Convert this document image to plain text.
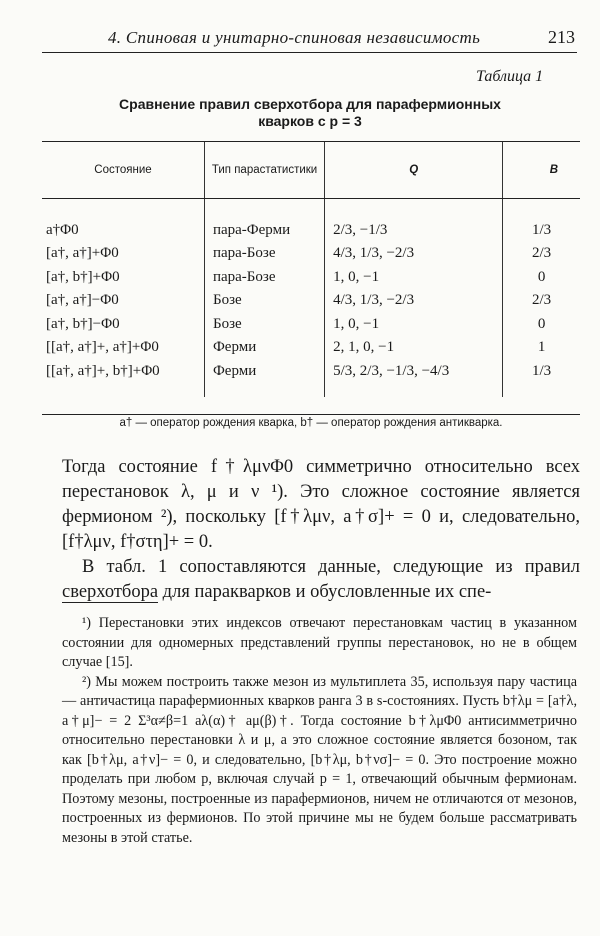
4. Спиновая и унитарно-спиновая независимость	213
Таблица 1
Сравнение правил сверхотбора для парафермионных
кварков с p = 3
Состояние	Тип парастатистики	Q	B
a†Φ0	пара-Ферми	2/3, −1/3	1/3
[a†, a†]+Φ0	пара-Бозе	4/3, 1/3, −2/3	2/3
[a†, b†]+Φ0	пара-Бозе	1, 0, −1	0
[a†, a†]−Φ0	Бозе	4/3, 1/3, −2/3	2/3
[a†, b†]−Φ0	Бозе	1, 0, −1	0
[[a†, a†]+, a†]+Φ0	Ферми	2, 1, 0, −1	1
[[a†, a†]+, b†]+Φ0	Ферми	5/3, 2/3, −1/3, −4/3	1/3
a† — оператор рождения кварка, b† — оператор рождения антикварка.

Тогда состояние f†λμνΦ0 симметрично относительно всех перестановок λ, μ и ν ¹). Это сложное состояние является фермионом ²), поскольку [f†λμν, a†σ]+ = 0 и, следовательно, [f†λμν, f†στη]+ = 0.

В табл. 1 сопоставляются данные, следующие из правил сверхотбора для паракварков и обусловленные их спе-

¹) Перестановки этих индексов отвечают перестановкам частиц в указанном состоянии для одномерных представлений группы перестановок, но не в общем случае [15].

²) Мы можем построить также мезон из мультиплета 35, используя пару частица — античастица парафермионных кварков ранга 3 в s-состояниях. Пусть b†λμ = [a†λ, a†μ]− = 2 Σ³α≠β=1 aλ(α)† aμ(β)†. Тогда состояние b†λμΦ0 антисимметрично относительно перестановки λ и μ, а это сложное состояние является бозоном, так как [b†λμ, a†ν]− = 0, и следовательно, [b†λμ, b†νσ]− = 0. Это построение можно проделать при любом p, включая случай p = 1, отвечающий обычным фермионам. Поэтому мезоны, построенные из парафермионов, ничем не отличаются от мезонов, построенных из фермионов. По этой причине мы не будем больше рассматривать мезоны в этой статье.
